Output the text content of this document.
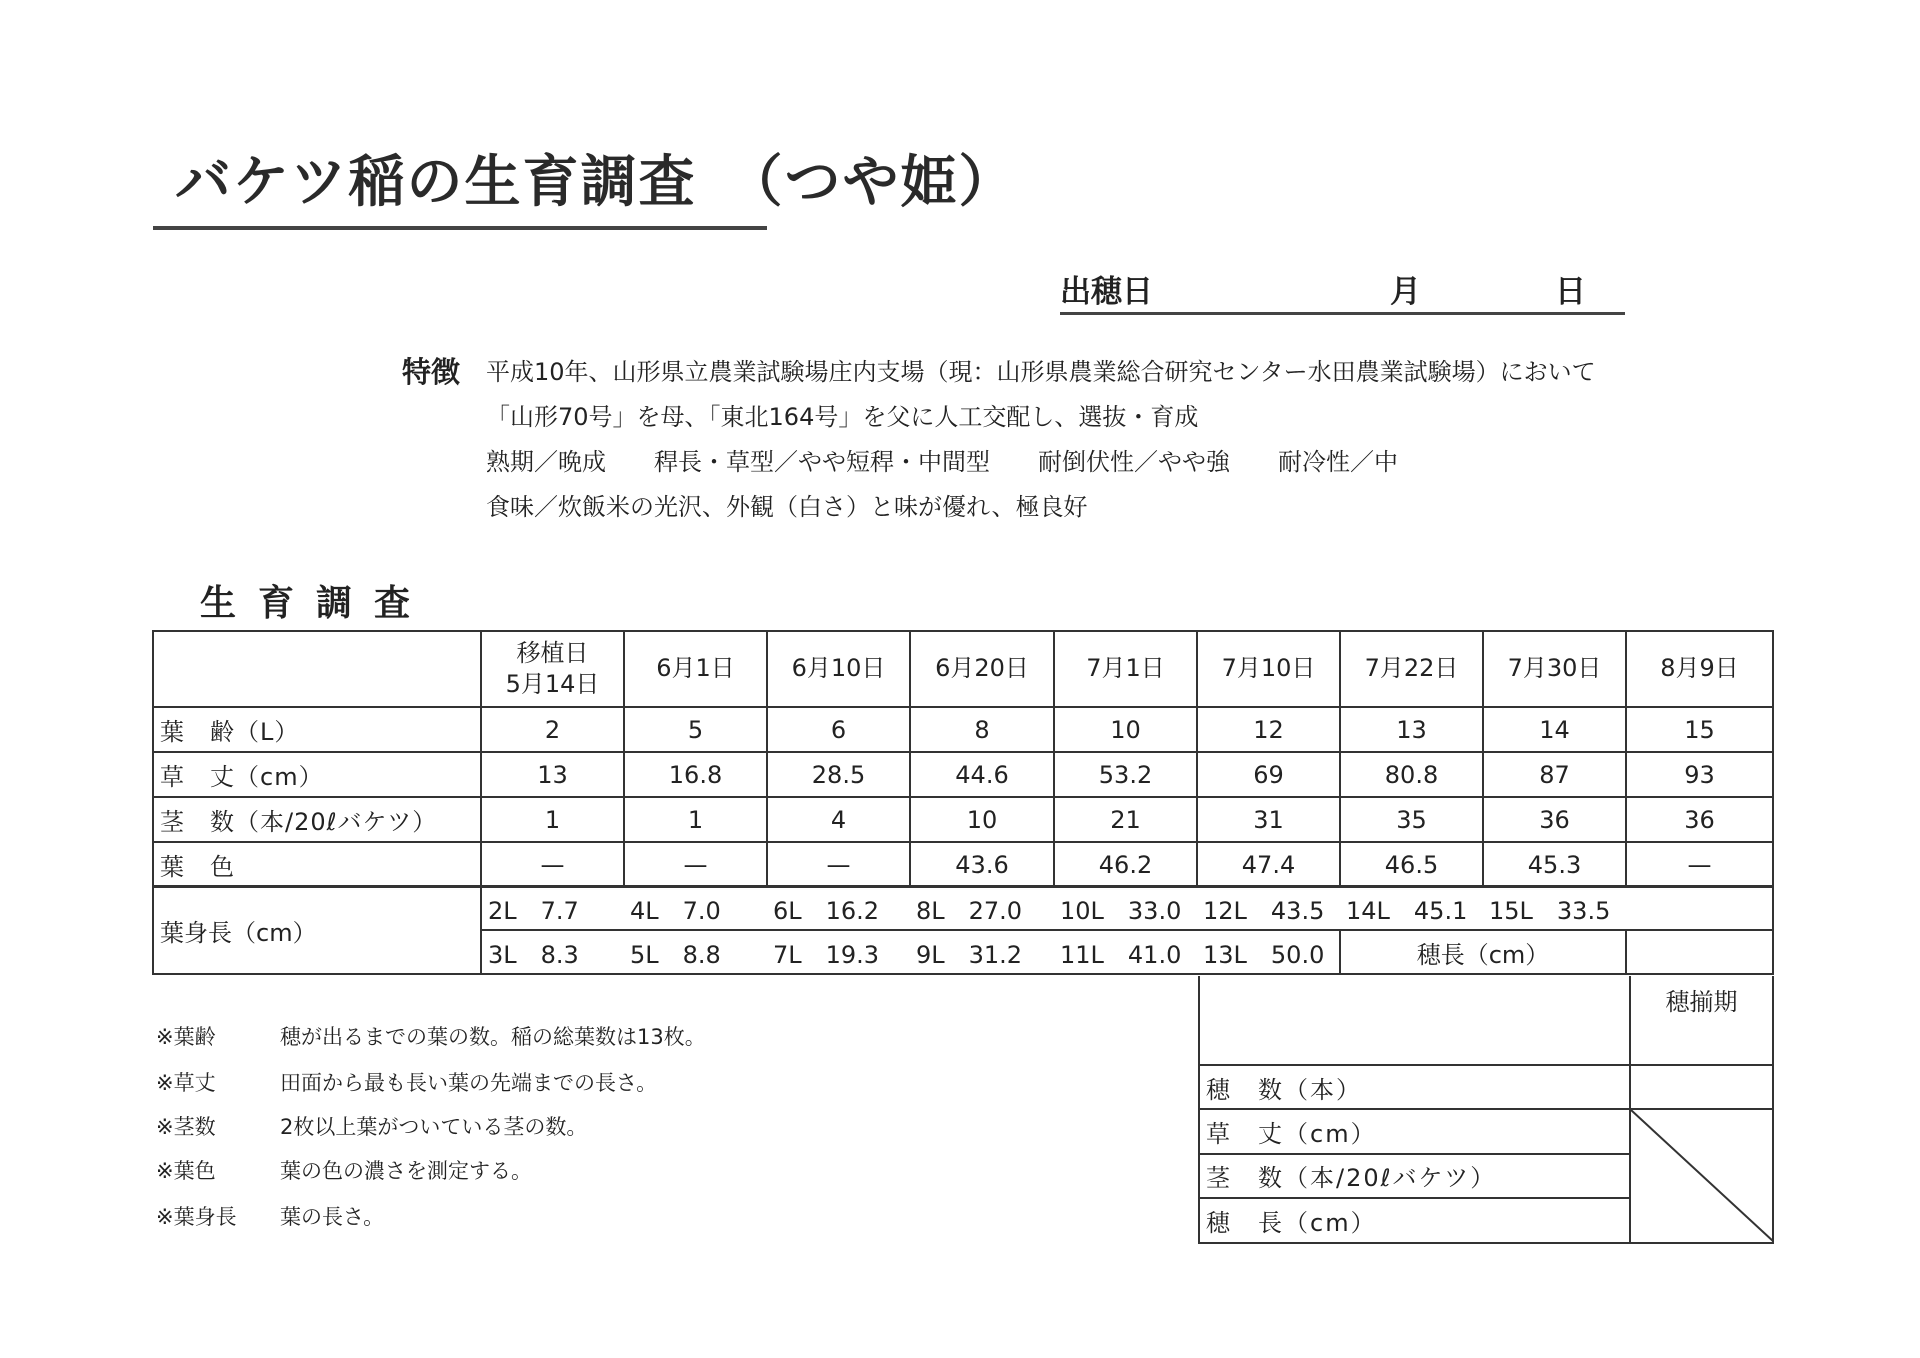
バケツ稲の生育調査　（つや姫）
出穂日	月	日
特徴 平成10年、山形県立農業試験場庄内支場（現：山形県農業総合研究センター水田農業試験場）において
「山形70号」を母、「東北164号」を父に人工交配し、選抜・育成
熟期／晩成　　稈長・草型／やや短稈・中間型　　耐倒伏性／やや強　　耐冷性／中
食味／炊飯米の光沢、外観（白さ）と味が優れ、極良好
生育調査

	移植日
5月14日	6月1日	6月10日	6月20日	7月1日	7月10日	7月22日	7月30日	8月9日
葉　齢（L）	2	5	6	8	10	12	13	14	15
草　丈（cm）	13	16.8	28.5	44.6	53.2	69	80.8	87	93
茎　数（本/20ℓバケツ）	1	1	4	10	21	31	35	36	36
葉　色	—	—	—	43.6	46.2	47.4	46.5	45.3	—
葉身長（cm）	2L　7.7	4L　7.0	6L　16.2	8L　27.0	10L　33.0	12L　43.5	14L　45.1	15L　33.5	
	3L　8.3	5L　8.8	7L　19.3	9L　31.2	11L　41.0	13L　50.0	穂長（cm）		
	穂揃期
穂　数（本）	
草　丈（cm）	

茎　数（本/20ℓバケツ）	
穂　長（cm）	
※葉齢	穂が出るまでの葉の数。稲の総葉数は13枚。
※草丈	田面から最も長い葉の先端までの長さ。
※茎数	2枚以上葉がついている茎の数。
※葉色	葉の色の濃さを測定する。
※葉身長 葉の長さ。
